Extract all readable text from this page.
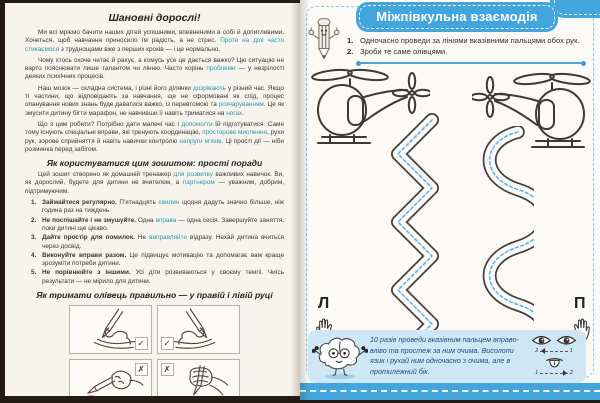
Шановні дорослі!

Ми всі мріємо бачити наших дітей успішними, впевненими в собі й допитливими. Хочеться, щоб навчання приносило їм радість, а не стрес. Проте на ділі часто стикаємося з труднощами вже з перших кроків — і це нормально.

Чому хтось охоче читає й рахує, а комусь усе це дається важко? Цю ситуацію не варто пояснювати лише талантом чи лінню. Часто корінь проблеми — у незрілості деяких психічних процесів.

Наш мозок — складна система, і різні його ділянки дозрівають у різний час. Якщо ті частини, що відповідають за навчання, ще не сформовані як слід, процес опанування нових знань буде даватися важко, із перевтомою та розчаруванням. Це як змусити дитину бігти марафон, не навчивши її навіть триматися на ногах.

Що з цим робити? Потрібно дати малечі час і допомогти їй підготуватися. Саме тому існують спеціальні вправи, які тренують координацію, просторове мислення, рухи рук, зорове сприйняття й навіть навички контролю напруги м'язів. Ці прості дії — ніби розминка перед забігом.

Як користуватися цим зошитом: прості поради

Цей зошит створено як домашній тренажер для розвитку важливих навичок. Ви, як дорослий, будете для дитини не вчителем, а партнером — уважним, добрим, підтримуючим.

1. Займайтеся регулярно. П'ятнадцять хвилин щодня дадуть значно більше, ніж година раз на тиждень.
2. Не поспішайте і не змушуйте. Одна вправа — одна сесія. Завершуйте заняття, поки дитині ще цікаво.
3. Дайте простір для помилок. Не виправляйте відразу. Нехай дитина вчиться через досвід.
4. Виконуйте вправи разом. Це підвищує мотивацію та допомагає вам краще зрозуміти потреби дитини.
5. Не порівнюйте з іншими. Усі діти розвиваються у своєму темпі. Чиїсь результати — не мірило для дитини.
Як тримати олівець правильно — у правій і лівій руці
✓	✓
✗	✗
Міжпівкульна взаємодія
1. Одночасно проведи за лініями вказівними пальцями обох рук.
2. Зроби те саме олівцями.
Л	П
10 разів проведи вказівним пальцем вправо-вліво та простеж за ним очима. Висолопи язик і рухай ним одночасно з очима, але в протилежний бік.
2	1
1	2
